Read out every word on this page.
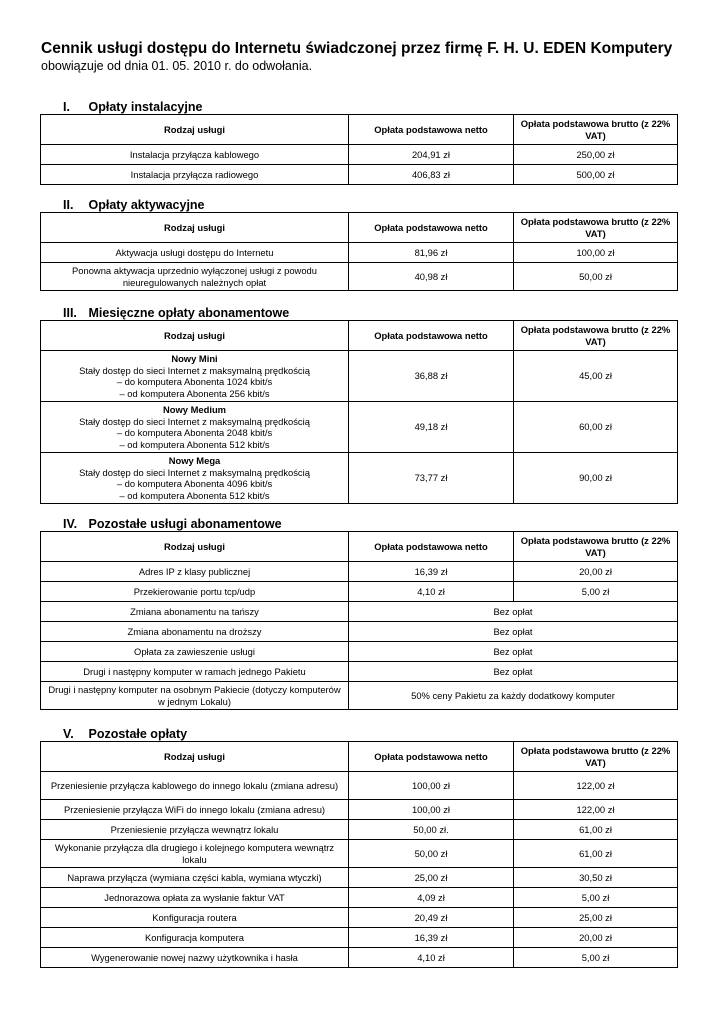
Cennik usługi dostępu do Internetu świadczonej przez firmę F. H. U. EDEN Komputery
obowiązuje od dnia 01. 05. 2010 r. do odwołania.
I. Opłaty instalacyjne
Rodzaj usługi	Opłata podstawowa netto	Opłata podstawowa brutto (z 22% VAT)
Instalacja przyłącza kablowego	204,91 zł	250,00 zł
Instalacja przyłącza radiowego	406,83 zł	500,00 zł
II. Opłaty aktywacyjne
Rodzaj usługi	Opłata podstawowa netto	Opłata podstawowa brutto (z 22% VAT)
Aktywacja usługi dostępu do Internetu	81,96 zł	100,00 zł
Ponowna aktywacja uprzednio wyłączonej usługi z powodu nieuregulowanych należnych opłat	40,98 zł	50,00 zł
III. Miesięczne opłaty abonamentowe
Rodzaj usługi	Opłata podstawowa netto	Opłata podstawowa brutto (z 22% VAT)

Nowy Mini
Stały dostęp do sieci Internet z maksymalną prędkością
– do komputera Abonenta 1024 kbit/s
– od komputera Abonenta 256 kbit/s	36,88 zł	45,00 zł

Nowy Medium
Stały dostęp do sieci Internet z maksymalną prędkością
– do komputera Abonenta 2048 kbit/s
– od komputera Abonenta 512 kbit/s	49,18 zł	60,00 zł

Nowy Mega
Stały dostęp do sieci Internet z maksymalną prędkością
– do komputera Abonenta 4096 kbit/s
– od komputera Abonenta 512 kbit/s	73,77 zł	90,00 zł
IV. Pozostałe usługi abonamentowe
Rodzaj usługi	Opłata podstawowa netto	Opłata podstawowa brutto (z 22% VAT)
Adres IP z klasy publicznej	16,39 zł	20,00 zł
Przekierowanie portu tcp/udp	4,10 zł	5,00 zł
Zmiana abonamentu na tańszy	Bez opłat	
Zmiana abonamentu na droższy	Bez opłat	
Opłata za zawieszenie usługi	Bez opłat	
Drugi i następny komputer w ramach jednego Pakietu	Bez opłat	
Drugi i następny komputer na osobnym Pakiecie (dotyczy komputerów w jednym Lokalu)	50% ceny Pakietu za każdy dodatkowy komputer	
V. Pozostałe opłaty
Rodzaj usługi	Opłata podstawowa netto	Opłata podstawowa brutto (z 22% VAT)
Przeniesienie przyłącza kablowego do innego lokalu (zmiana adresu)	100,00 zł	122,00 zł
Przeniesienie przyłącza WiFi do innego lokalu (zmiana adresu)	100,00 zł	122,00 zł
Przeniesienie przyłącza wewnątrz lokalu	50,00 zł.	61,00 zł
Wykonanie przyłącza dla drugiego i kolejnego komputera wewnątrz lokalu	50,00 zł	61,00 zł
Naprawa przyłącza (wymiana części kabla, wymiana wtyczki)	25,00 zł	30,50 zł
Jednorazowa opłata za wysłanie faktur VAT	4,09 zł	5,00 zł
Konfiguracja routera	20,49 zł	25,00 zł
Konfiguracja komputera	16,39 zł	20,00 zł
Wygenerowanie nowej nazwy użytkownika i hasła	4,10 zł	5,00 zł
